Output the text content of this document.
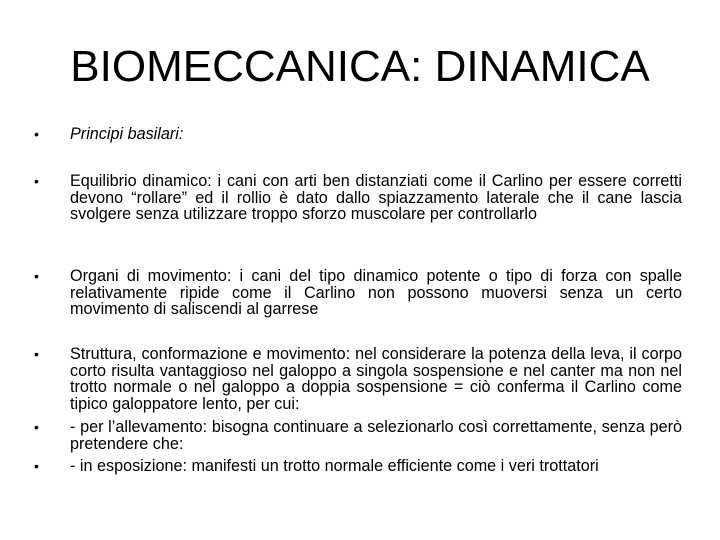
BIOMECCANICA: DINAMICA
• Principi basilari:
• Equilibrio dinamico: i cani con arti ben distanziati come il Carlino per essere corretti devono “rollare” ed il rollio è dato dallo spiazzamento laterale che il cane lascia svolgere senza utilizzare troppo sforzo muscolare per controllarlo
• Organi di movimento: i cani del tipo dinamico potente o tipo di forza con spalle relativamente ripide come il Carlino non possono muoversi senza un certo movimento di saliscendi al garrese
• Struttura, conformazione e movimento: nel considerare la potenza della leva, il corpo corto risulta vantaggioso nel galoppo a singola sospensione e nel canter ma non nel trotto normale o nel galoppo a doppia sospensione = ciò conferma il Carlino come tipico galoppatore lento, per cui:
• - per l’allevamento: bisogna continuare a selezionarlo così correttamente, senza però pretendere che:
• - in esposizione: manifesti un trotto normale efficiente come i veri trottatori
